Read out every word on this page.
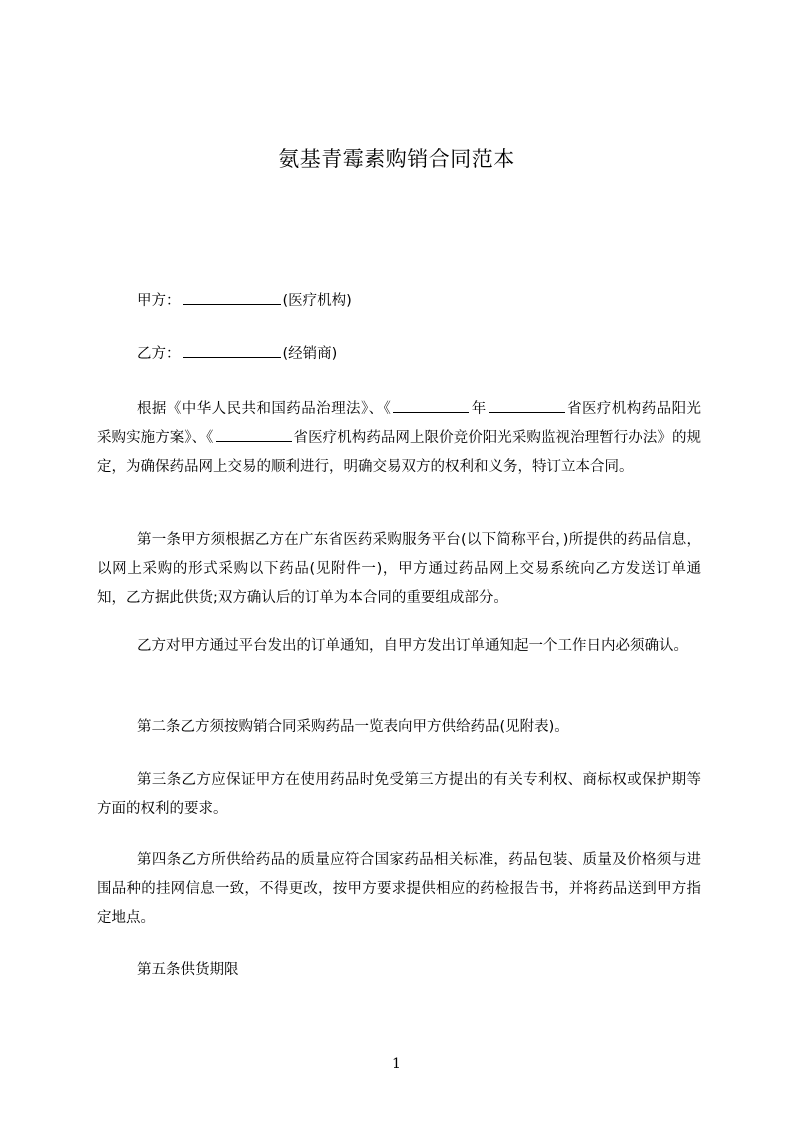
氨基青霉素购销合同范本
甲方：	(医疗机构)
乙方：	(经销商)

根据《中华人民共和国药品治理法》、《	年	省医疗机构药品阳光采购实施方案》、《	省医疗机构药品网上限价竞价阳光采购监视治理暂行办法》的规定，为确保药品网上交易的顺利进行，明确交易双方的权利和义务，特订立本合同。

第一条甲方须根据乙方在广东省医药采购服务平台(以下简称平台，)所提供的药品信息，以网上采购的形式采购以下药品(见附件一)，甲方通过药品网上交易系统向乙方发送订单通知，乙方据此供货;双方确认后的订单为本合同的重要组成部分。

乙方对甲方通过平台发出的订单通知，自甲方发出订单通知起一个工作日内必须确认。

第二条乙方须按购销合同采购药品一览表向甲方供给药品(见附表)。

第三条乙方应保证甲方在使用药品时免受第三方提出的有关专利权、商标权或保护期等方面的权利的要求。

第四条乙方所供给药品的质量应符合国家药品相关标准，药品包装、质量及价格须与进围品种的挂网信息一致，不得更改，按甲方要求提供相应的药检报告书，并将药品送到甲方指定地点。

第五条供货期限

1
